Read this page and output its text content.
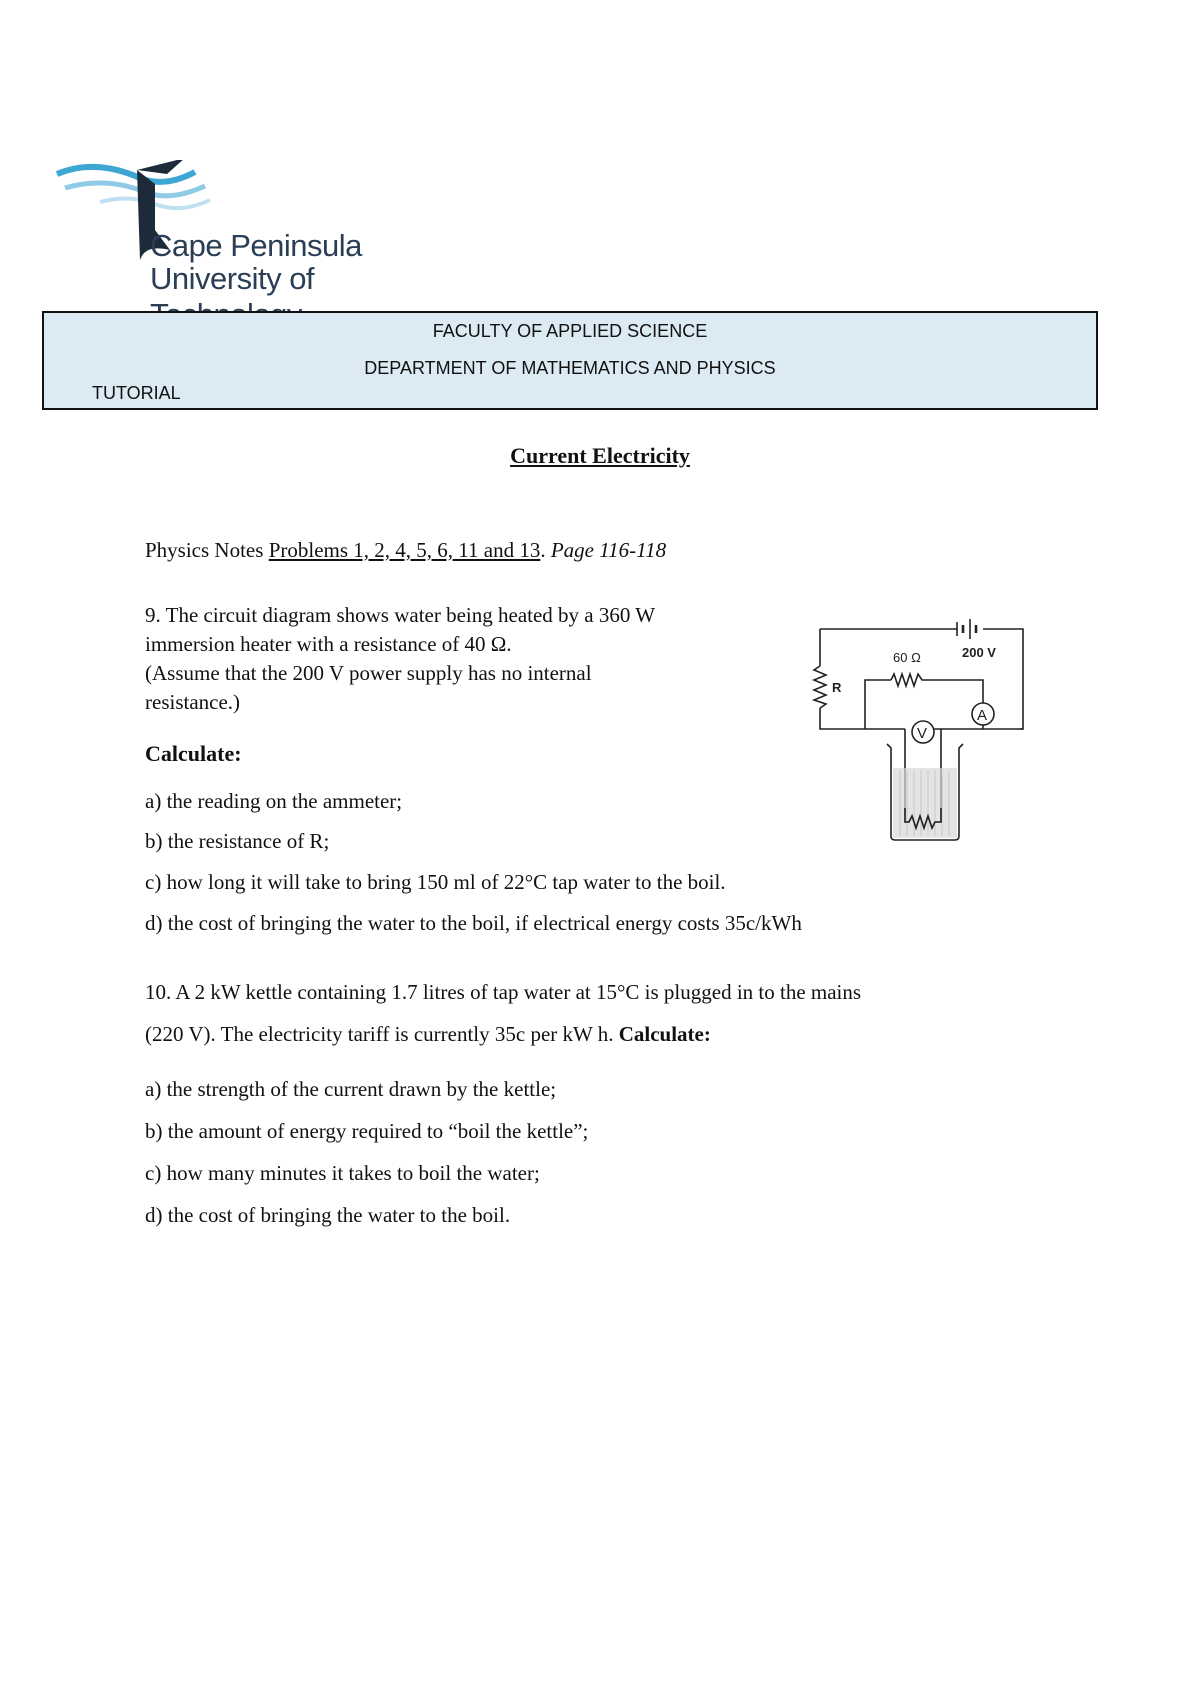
Cape Peninsula
University of
FACULTY OF APPLIED SCIENCE
DEPARTMENT OF MATHEMATICS AND PHYSICS
TUTORIAL
Current Electricity
Physics Notes Problems 1, 2, 4, 5, 6, 11 and 13. Page 116-118
9. The circuit diagram shows water being heated by a 360 W
immersion heater with a resistance of 40 Ω.
(Assume that the 200 V power supply has no internal
resistance.)
Calculate:
a) the reading on the ammeter;
b) the resistance of R;
c) how long it will take to bring 150 ml of 22°C tap water to the boil.
d) the cost of bringing the water to the boil, if electrical energy costs 35c/kWh
60 Ω	200 V
R
A
V
10. A 2 kW kettle containing 1.7 litres of tap water at 15°C is plugged in to the mains
(220 V). The electricity tariff is currently 35c per kW h. Calculate:
a) the strength of the current drawn by the kettle;
b) the amount of energy required to “boil the kettle”;
c) how many minutes it takes to boil the water;
d) the cost of bringing the water to the boil.
